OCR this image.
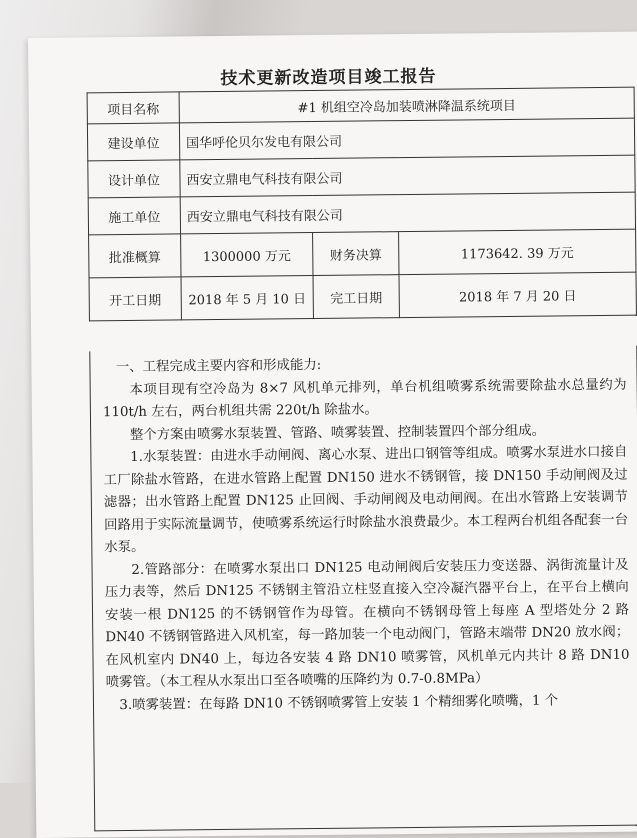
技术更新改造项目竣工报告
项目名称	#1 机组空冷岛加装喷淋降温系统项目		
建设单位	国华呼伦贝尔发电有限公司		
设计单位	西安立鼎电气科技有限公司		
施工单位	西安立鼎电气科技有限公司		
批准概算	1300000 万元	财务决算	1173642. 39 万元
开工日期	2018 年 5 月 10 日	完工日期	2018 年 7 月 20 日

一、工程完成主要内容和形成能力:

本项目现有空冷岛为 8×7 风机单元排列，单台机组喷雾系统需要除盐水总量约为 110t/h 左右，两台机组共需 220t/h 除盐水。

整个方案由喷雾水泵装置、管路、喷雾装置、控制装置四个部分组成。

1.水泵装置：由进水手动闸阀、离心水泵、进出口钢管等组成。喷雾水泵进水口接自工厂除盐水管路，在进水管路上配置 DN150 进水不锈钢管，接 DN150 手动闸阀及过滤器；出水管路上配置 DN125 止回阀、手动闸阀及电动闸阀。在出水管路上安装调节回路用于实际流量调节，使喷雾系统运行时除盐水浪费最少。本工程两台机组各配套一台水泵。

2.管路部分：在喷雾水泵出口 DN125 电动闸阀后安装压力变送器、涡街流量计及压力表等，然后 DN125 不锈钢主管沿立柱竖直接入空冷凝汽器平台上，在平台上横向安装一根 DN125 的不锈钢管作为母管。在横向不锈钢母管上每座 A 型塔处分 2 路 DN40 不锈钢管路进入风机室，每一路加装一个电动阀门，管路末端带 DN20 放水阀；在风机室内 DN40 上，每边各安装 4 路 DN10 喷雾管，风机单元内共计 8 路 DN10 喷雾管。（本工程从水泵出口至各喷嘴的压降约为 0.7-0.8MPa）

3.喷雾装置：在每路 DN10 不锈钢喷雾管上安装 1 个精细雾化喷嘴，1 个
